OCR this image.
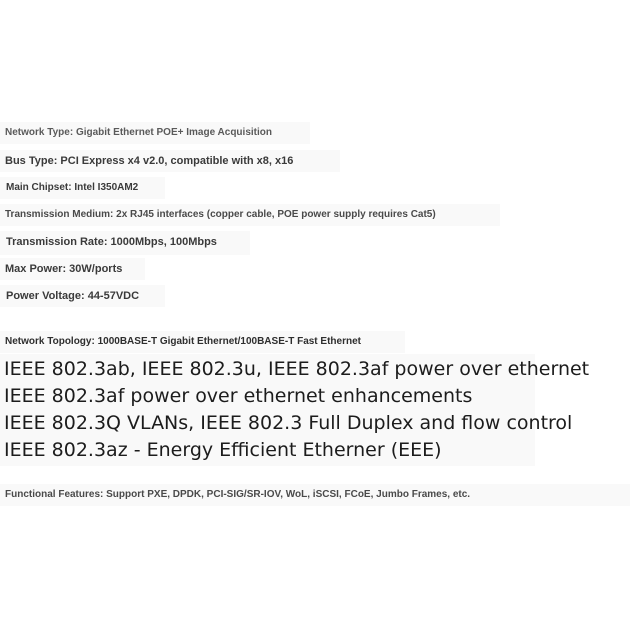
Network Type: Gigabit Ethernet POE+ Image Acquisition
Bus Type: PCI Express x4 v2.0, compatible with x8, x16
Main Chipset: Intel I350AM2
Transmission Medium: 2x RJ45 interfaces (copper cable, POE power supply requires Cat5)
Transmission Rate: 1000Mbps, 100Mbps
Max Power: 30W/ports
Power Voltage: 44-57VDC
Network Topology: 1000BASE-T Gigabit Ethernet/100BASE-T Fast Ethernet
IEEE 802.3ab, IEEE 802.3u, IEEE 802.3af power over ethernet
IEEE 802.3af power over ethernet enhancements
IEEE 802.3Q VLANs, IEEE 802.3 Full Duplex and flow control
IEEE 802.3az - Energy Efficient Etherner (EEE)
Functional Features: Support PXE, DPDK, PCI-SIG/SR-IOV, WoL, iSCSI, FCoE, Jumbo Frames, etc.
